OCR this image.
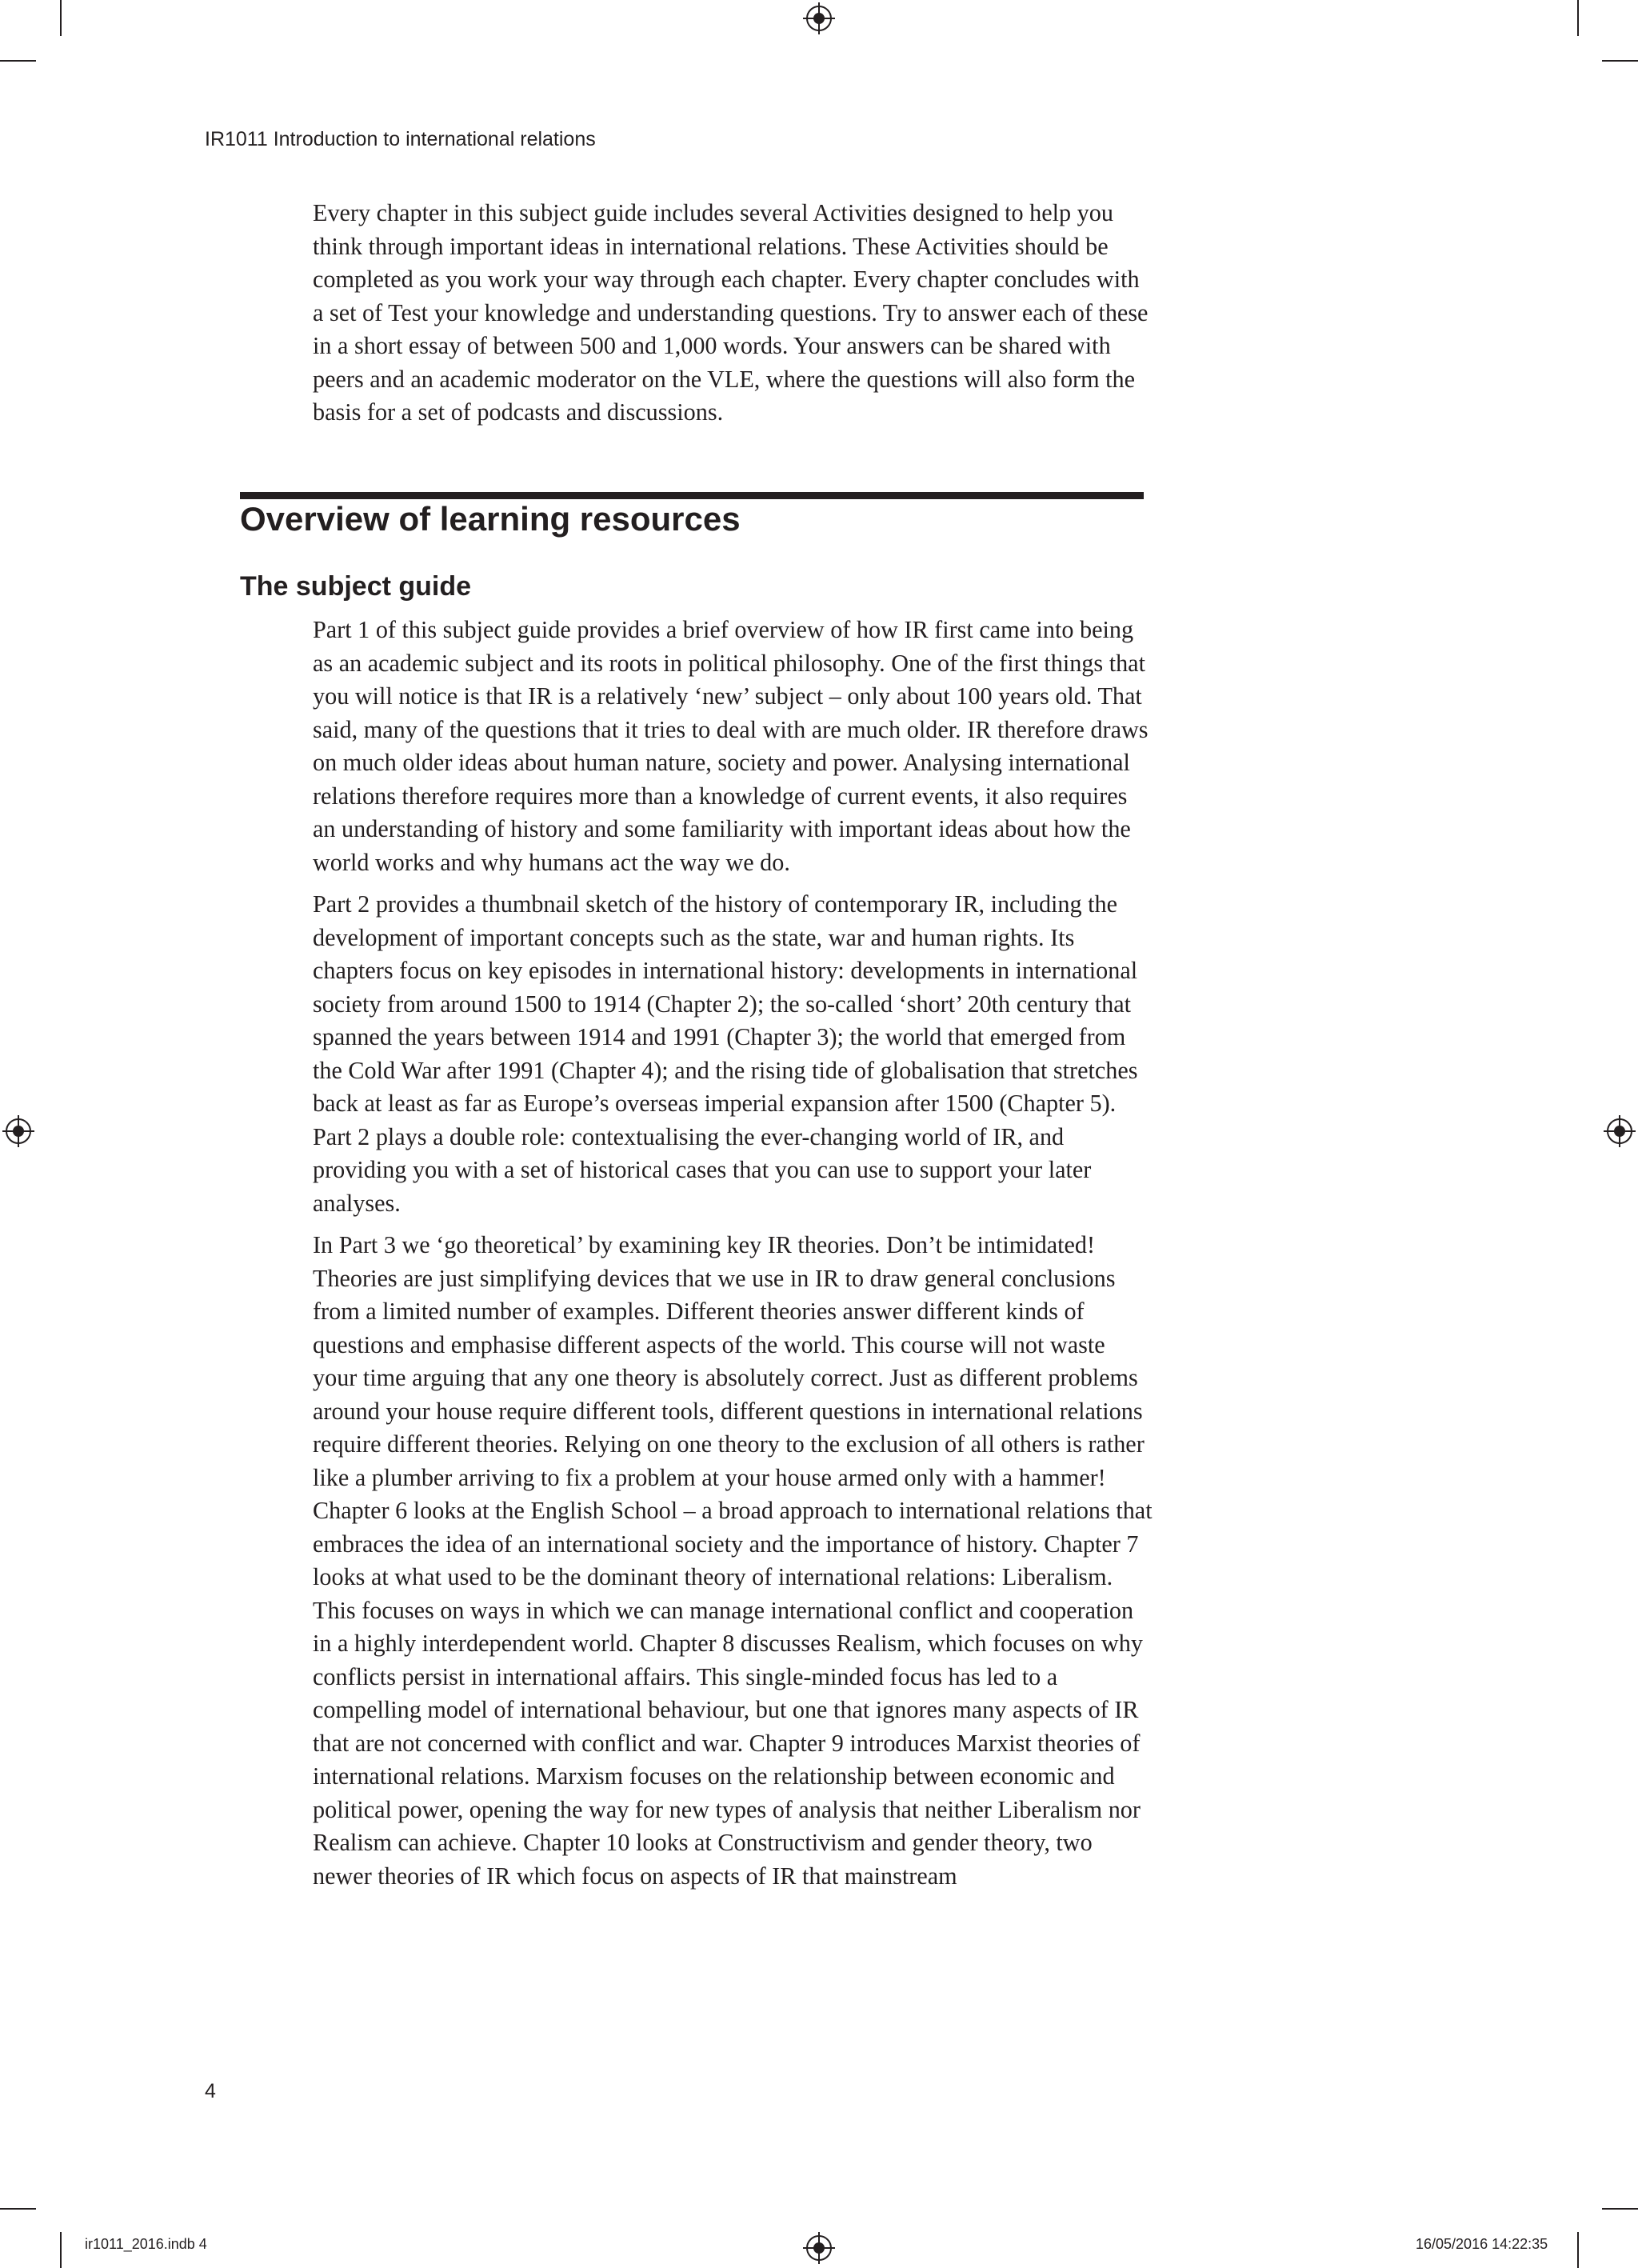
IR1011 Introduction to international relations

Every chapter in this subject guide includes several Activities designed to help you think through important ideas in international relations. These Activities should be completed as you work your way through each chapter. Every chapter concludes with a set of Test your knowledge and understanding questions. Try to answer each of these in a short essay of between 500 and 1,000 words. Your answers can be shared with peers and an academic moderator on the VLE, where the questions will also form the basis for a set of podcasts and discussions.

Overview of learning resources
The subject guide

Part 1 of this subject guide provides a brief overview of how IR first came into being as an academic subject and its roots in political philosophy. One of the first things that you will notice is that IR is a relatively ‘new’ subject – only about 100 years old. That said, many of the questions that it tries to deal with are much older. IR therefore draws on much older ideas about human nature, society and power. Analysing international relations therefore requires more than a knowledge of current events, it also requires an understanding of history and some familiarity with important ideas about how the world works and why humans act the way we do.

Part 2 provides a thumbnail sketch of the history of contemporary IR, including the development of important concepts such as the state, war and human rights. Its chapters focus on key episodes in international history: developments in international society from around 1500 to 1914 (Chapter 2); the so-called ‘short’ 20th century that spanned the years between 1914 and 1991 (Chapter 3); the world that emerged from the Cold War after 1991 (Chapter 4); and the rising tide of globalisation that stretches back at least as far as Europe’s overseas imperial expansion after 1500 (Chapter 5). Part 2 plays a double role: contextualising the ever-changing world of IR, and providing you with a set of historical cases that you can use to support your later analyses.

In Part 3 we ‘go theoretical’ by examining key IR theories. Don’t be intimidated! Theories are just simplifying devices that we use in IR to draw general conclusions from a limited number of examples. Different theories answer different kinds of questions and emphasise different aspects of the world. This course will not waste your time arguing that any one theory is absolutely correct. Just as different problems around your house require different tools, different questions in international relations require different theories. Relying on one theory to the exclusion of all others is rather like a plumber arriving to fix a problem at your house armed only with a hammer! Chapter 6 looks at the English School – a broad approach to international relations that embraces the idea of an international society and the importance of history. Chapter 7 looks at what used to be the dominant theory of international relations: Liberalism. This focuses on ways in which we can manage international conflict and cooperation in a highly interdependent world. Chapter 8 discusses Realism, which focuses on why conflicts persist in international affairs. This single-minded focus has led to a compelling model of international behaviour, but one that ignores many aspects of IR that are not concerned with conflict and war. Chapter 9 introduces Marxist theories of international relations. Marxism focuses on the relationship between economic and political power, opening the way for new types of analysis that neither Liberalism nor Realism can achieve. Chapter 10 looks at Constructivism and gender theory, two newer theories of IR which focus on aspects of IR that mainstream

4
ir1011_2016.indb 4	16/05/2016 14:22:35
